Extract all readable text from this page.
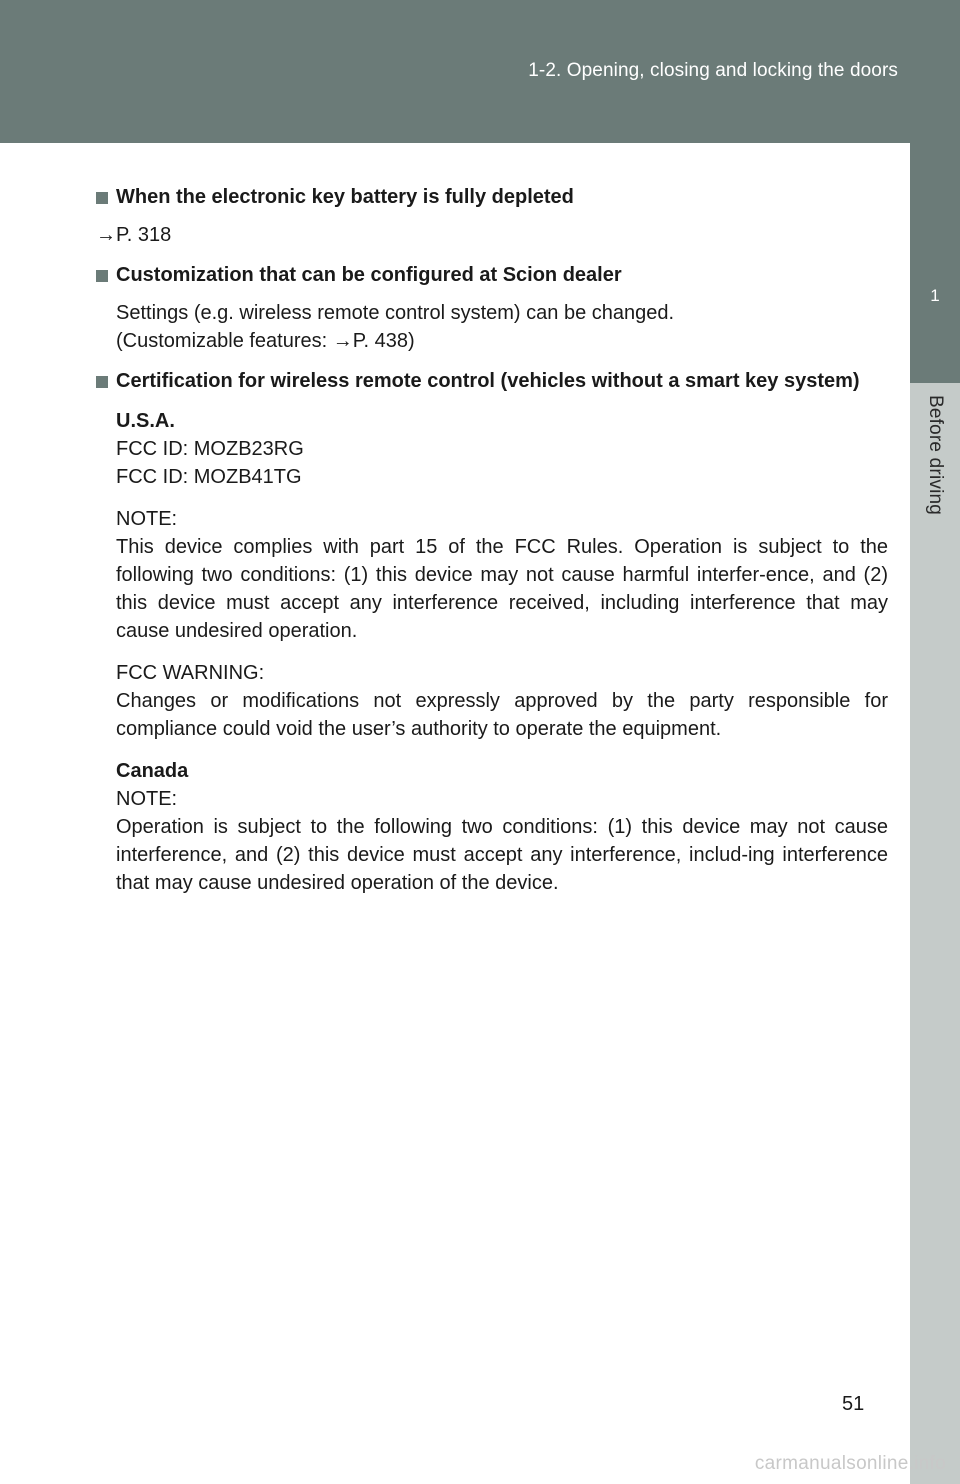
1-2. Opening, closing and locking the doors
1
Before driving

When the electronic key battery is fully depleted

→P. 318

Customization that can be configured at Scion dealer

Settings (e.g. wireless remote control system) can be changed.
(Customizable features: →P. 438)

Certification for wireless remote control (vehicles without a smart key system)

U.S.A.
FCC ID: MOZB23RG
FCC ID: MOZB41TG
NOTE:

This device complies with part 15 of the FCC Rules. Operation is subject to the following two conditions: (1) this device may not cause harmful interfer-ence, and (2) this device must accept any interference received, including interference that may cause undesired operation.

FCC WARNING:

Changes or modifications not expressly approved by the party responsible for compliance could void the user’s authority to operate the equipment.

Canada
NOTE:

Operation is subject to the following two conditions: (1) this device may not cause interference, and (2) this device must accept any interference, includ-ing interference that may cause undesired operation of the device.

51
carmanualsonline.info
